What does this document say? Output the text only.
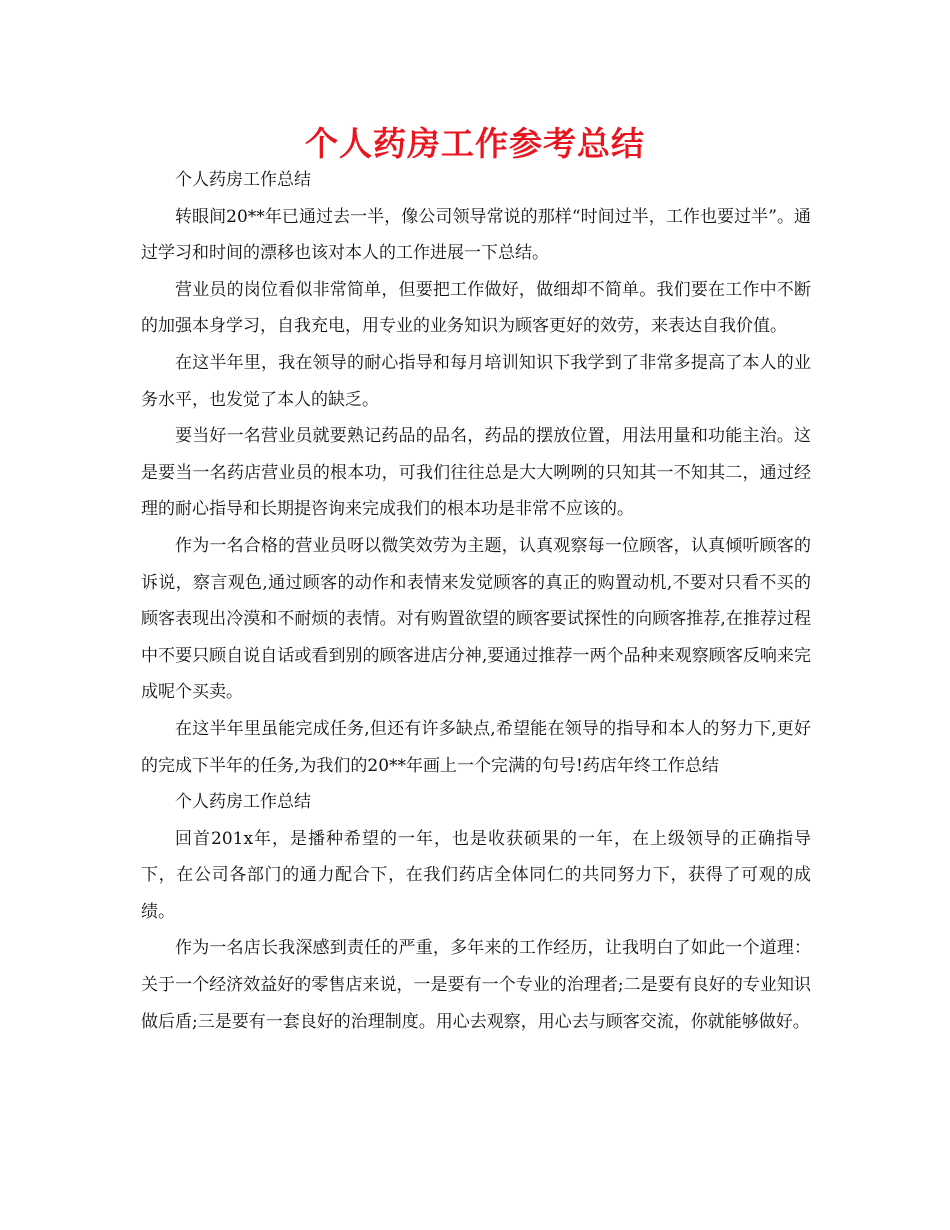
个人药房工作参考总结

个人药房工作总结

转眼间20**年已通过去一半，像公司领导常说的那样“时间过半，工作也要过半”。通过学习和时间的漂移也该对本人的工作进展一下总结。

营业员的岗位看似非常简单，但要把工作做好，做细却不简单。我们要在工作中不断的加强本身学习，自我充电，用专业的业务知识为顾客更好的效劳，来表达自我价值。

在这半年里，我在领导的耐心指导和每月培训知识下我学到了非常多提高了本人的业务水平，也发觉了本人的缺乏。

要当好一名营业员就要熟记药品的品名，药品的摆放位置，用法用量和功能主治。这是要当一名药店营业员的根本功，可我们往往总是大大咧咧的只知其一不知其二，通过经理的耐心指导和长期提咨询来完成我们的根本功是非常不应该的。

作为一名合格的营业员呀以微笑效劳为主题，认真观察每一位顾客，认真倾听顾客的诉说，察言观色,通过顾客的动作和表情来发觉顾客的真正的购置动机,不要对只看不买的顾客表现出冷漠和不耐烦的表情。对有购置欲望的顾客要试探性的向顾客推荐,在推荐过程中不要只顾自说自话或看到别的顾客进店分神,要通过推荐一两个品种来观察顾客反响来完成呢个买卖。

在这半年里虽能完成任务,但还有许多缺点,希望能在领导的指导和本人的努力下,更好的完成下半年的任务,为我们的20**年画上一个完满的句号!药店年终工作总结

个人药房工作总结

回首201x年，是播种希望的一年，也是收获硕果的一年，在上级领导的正确指导下，在公司各部门的通力配合下，在我们药店全体同仁的共同努力下，获得了可观的成绩。

作为一名店长我深感到责任的严重，多年来的工作经历，让我明白了如此一个道理：关于一个经济效益好的零售店来说，一是要有一个专业的治理者;二是要有良好的专业知识做后盾;三是要有一套良好的治理制度。用心去观察，用心去与顾客交流，你就能够做好。
